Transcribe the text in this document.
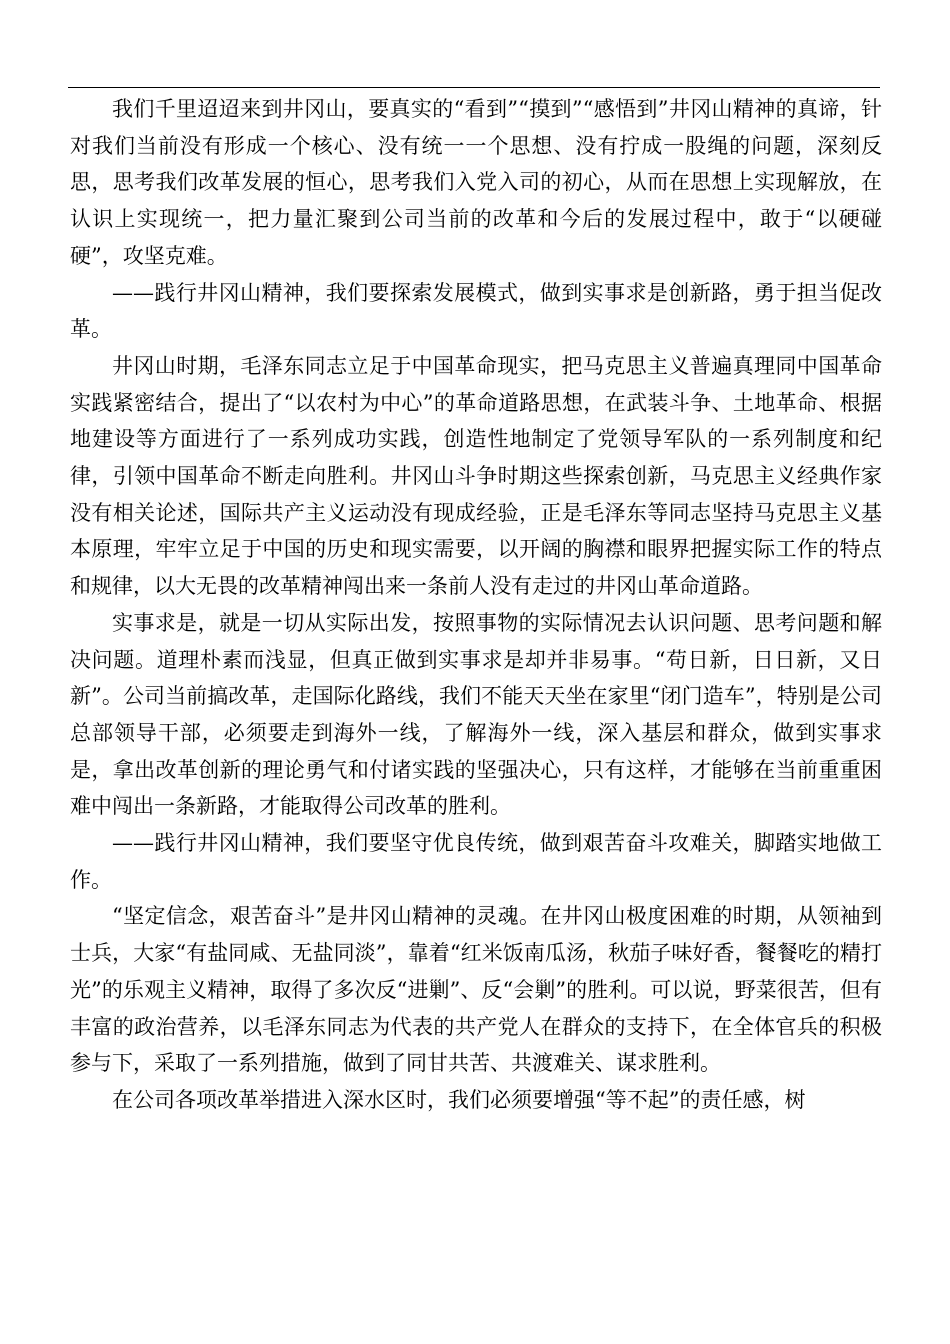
我们千里迢迢来到井冈山，要真实的“看到”“摸到”“感悟到”井冈山精神的真谛，针对我们当前没有形成一个核心、没有统一一个思想、没有拧成一股绳的问题，深刻反思，思考我们改革发展的恒心，思考我们入党入司的初心，从而在思想上实现解放，在认识上实现统一，把力量汇聚到公司当前的改革和今后的发展过程中，敢于“以硬碰硬”，攻坚克难。

——践行井冈山精神，我们要探索发展模式，做到实事求是创新路，勇于担当促改革。

井冈山时期，毛泽东同志立足于中国革命现实，把马克思主义普遍真理同中国革命实践紧密结合，提出了“以农村为中心”的革命道路思想，在武装斗争、土地革命、根据地建设等方面进行了一系列成功实践，创造性地制定了党领导军队的一系列制度和纪律，引领中国革命不断走向胜利。井冈山斗争时期这些探索创新，马克思主义经典作家没有相关论述，国际共产主义运动没有现成经验，正是毛泽东等同志坚持马克思主义基本原理，牢牢立足于中国的历史和现实需要，以开阔的胸襟和眼界把握实际工作的特点和规律，以大无畏的改革精神闯出来一条前人没有走过的井冈山革命道路。

实事求是，就是一切从实际出发，按照事物的实际情况去认识问题、思考问题和解决问题。道理朴素而浅显，但真正做到实事求是却并非易事。“苟日新，日日新，又日新”。公司当前搞改革，走国际化路线，我们不能天天坐在家里“闭门造车”，特别是公司总部领导干部，必须要走到海外一线，了解海外一线，深入基层和群众，做到实事求是，拿出改革创新的理论勇气和付诸实践的坚强决心，只有这样，才能够在当前重重困难中闯出一条新路，才能取得公司改革的胜利。

——践行井冈山精神，我们要坚守优良传统，做到艰苦奋斗攻难关，脚踏实地做工作。

“坚定信念，艰苦奋斗”是井冈山精神的灵魂。在井冈山极度困难的时期，从领袖到士兵，大家“有盐同咸、无盐同淡”，靠着“红米饭南瓜汤，秋茄子味好香，餐餐吃的精打光”的乐观主义精神，取得了多次反“进剿”、反“会剿”的胜利。可以说，野菜很苦，但有丰富的政治营养，以毛泽东同志为代表的共产党人在群众的支持下，在全体官兵的积极参与下，采取了一系列措施，做到了同甘共苦、共渡难关、谋求胜利。

在公司各项改革举措进入深水区时，我们必须要增强“等不起”的责任感，树
